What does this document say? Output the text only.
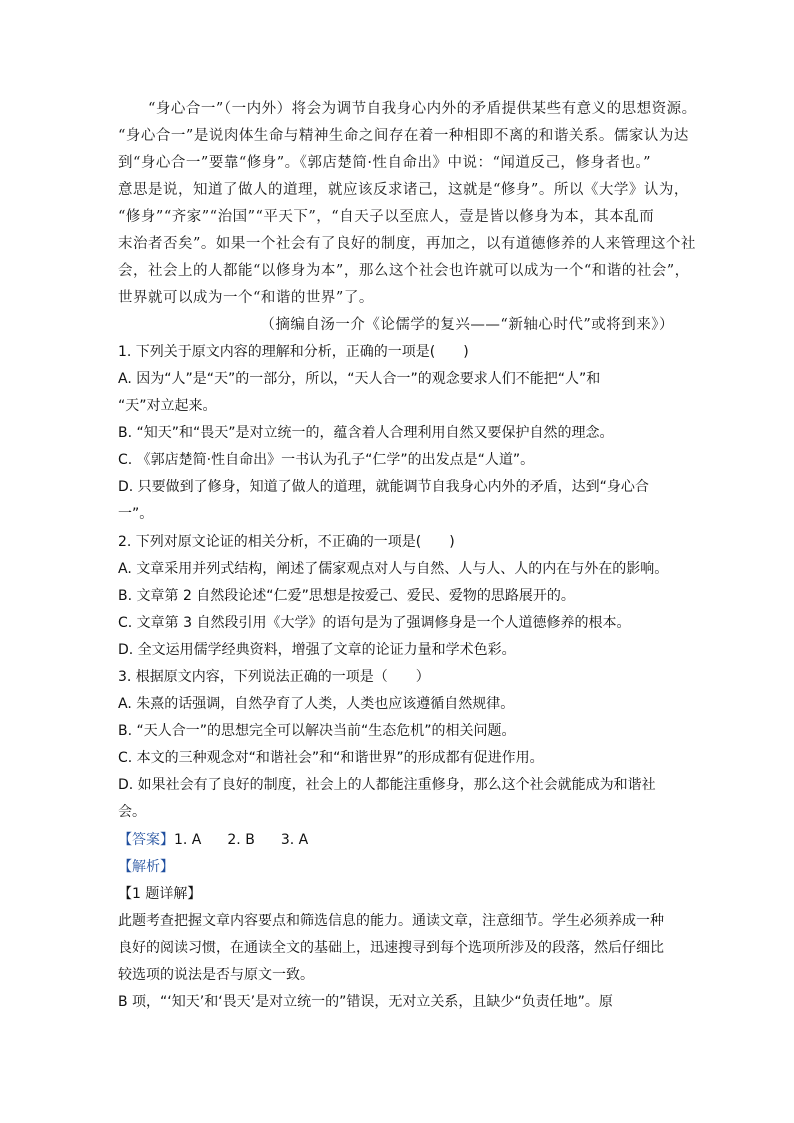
　　“身心合一”（一内外）将会为调节自我身心内外的矛盾提供某些有意义的思想资源。
“身心合一”是说肉体生命与精神生命之间存在着一种相即不离的和谐关系。儒家认为达
到“身心合一”要靠“修身”。《郭店楚简·性自命出》中说：“闻道反己，修身者也。”
意思是说，知道了做人的道理，就应该反求诸己，这就是“修身”。所以《大学》认为，
“修身”“齐家”“治国”“平天下”，“自天子以至庶人，壹是皆以修身为本，其本乱而
末治者否矣”。如果一个社会有了良好的制度，再加之，以有道德修养的人来管理这个社
会，社会上的人都能“以修身为本”，那么这个社会也许就可以成为一个“和谐的社会”，
世界就可以成为一个“和谐的世界”了。
（摘编自汤一介《论儒学的复兴——“新轴心时代”或将到来》）
1. 下列关于原文内容的理解和分析，正确的一项是(　　)
A. 因为“人”是“天”的一部分，所以，“天人合一”的观念要求人们不能把“人”和
“天”对立起来。
B. “知天”和“畏天”是对立统一的，蕴含着人合理利用自然又要保护自然的理念。
C. 《郭店楚简·性自命出》一书认为孔子“仁学”的出发点是“人道”。
D. 只要做到了修身，知道了做人的道理，就能调节自我身心内外的矛盾，达到“身心合
一”。
2. 下列对原文论证的相关分析，不正确的一项是(　　)
A. 文章采用并列式结构，阐述了儒家观点对人与自然、人与人、人的内在与外在的影响。
B. 文章第 2 自然段论述“仁爱”思想是按爱己、爱民、爱物的思路展开的。
C. 文章第 3 自然段引用《大学》的语句是为了强调修身是一个人道德修养的根本。
D. 全文运用儒学经典资料，增强了文章的论证力量和学术色彩。
3. 根据原文内容，下列说法正确的一项是（　　）
A. 朱熹的话强调，自然孕育了人类，人类也应该遵循自然规律。
B. “天人合一”的思想完全可以解决当前“生态危机”的相关问题。
C. 本文的三种观念对“和谐社会”和“和谐世界”的形成都有促进作用。
D. 如果社会有了良好的制度，社会上的人都能注重修身，那么这个社会就能成为和谐社
会。
【答案】1. A 2. B 3. A
【解析】
【1 题详解】
此题考查把握文章内容要点和筛选信息的能力。通读文章，注意细节。学生必须养成一种
良好的阅读习惯，在通读全文的基础上，迅速搜寻到每个选项所涉及的段落，然后仔细比
较选项的说法是否与原文一致。
B 项，“‘知天’和‘畏天’是对立统一的”错误，无对立关系，且缺少“负责任地”。原
